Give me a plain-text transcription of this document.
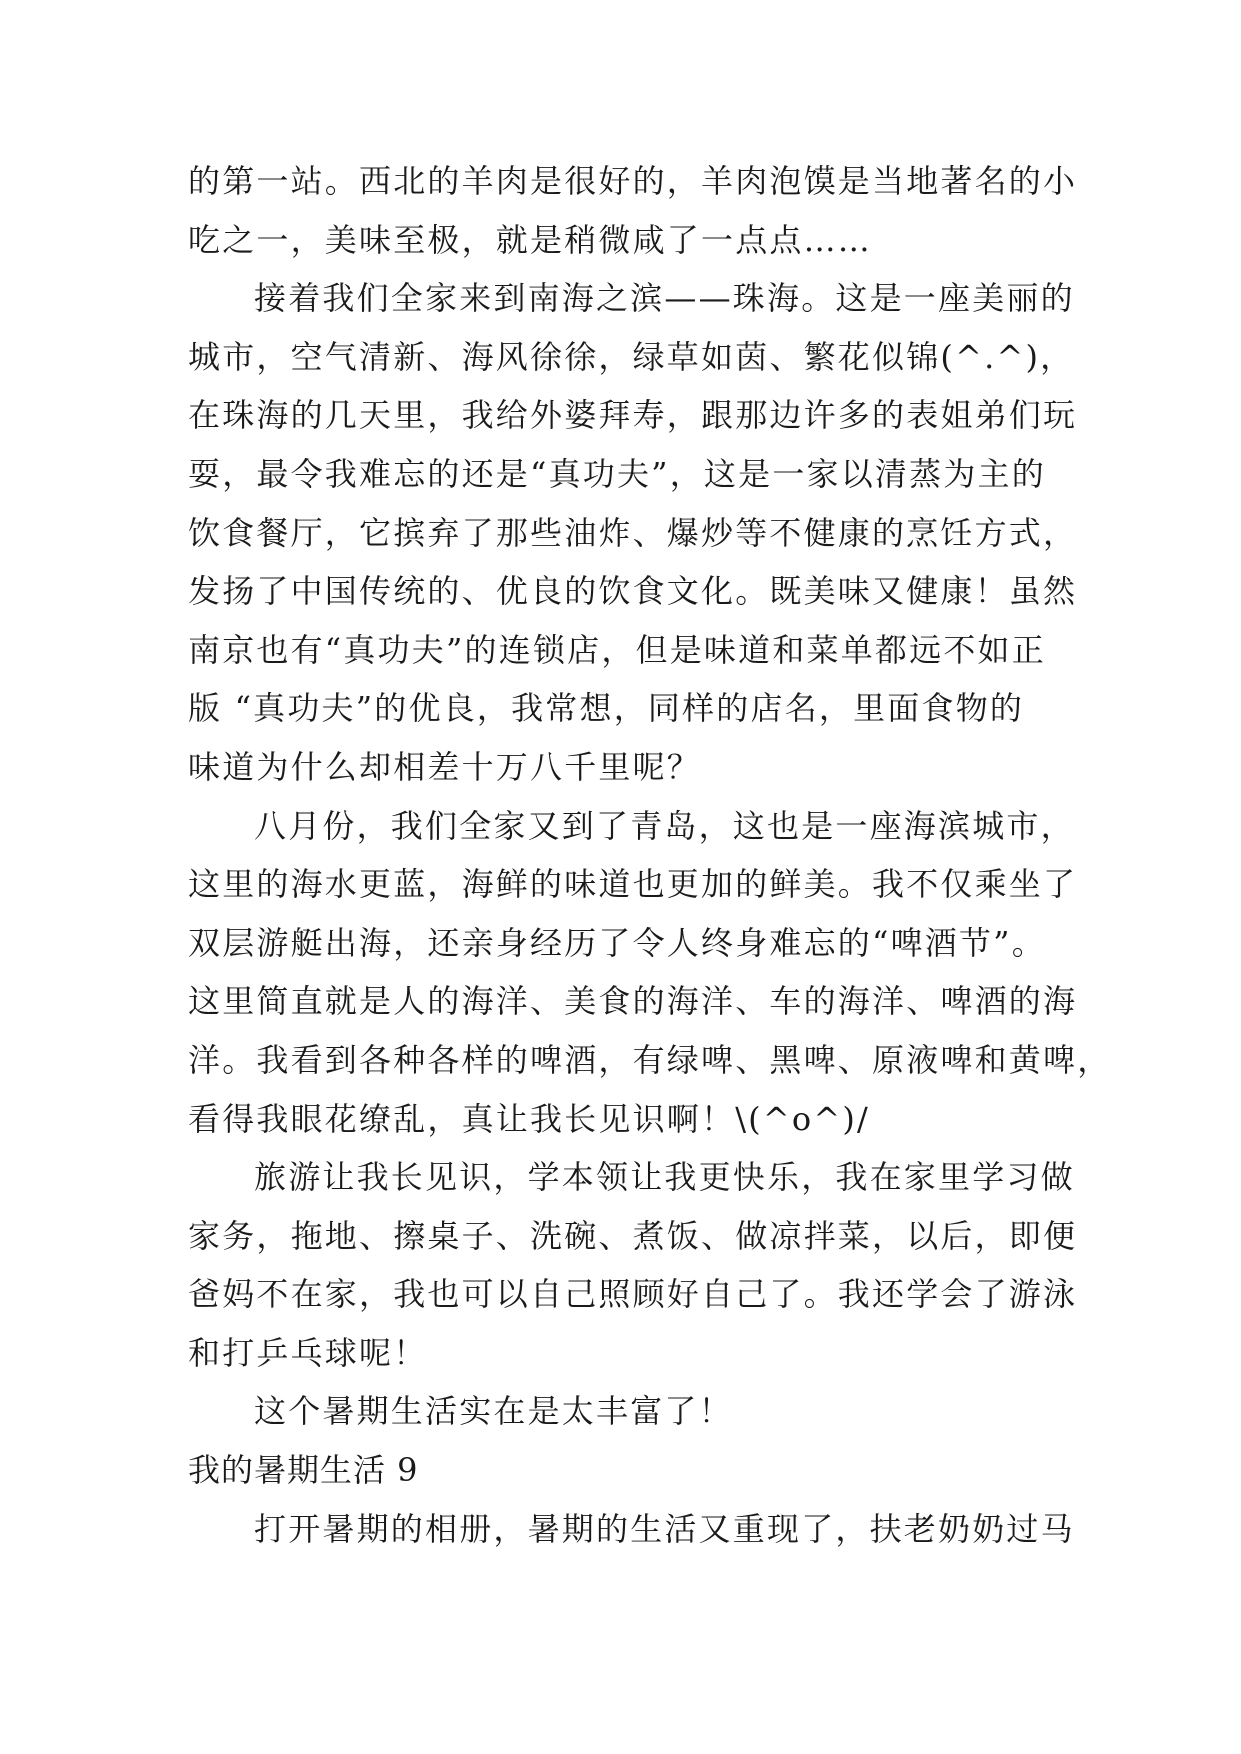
的第一站。西北的羊肉是很好的，羊肉泡馍是当地著名的小
吃之一，美味至极，就是稍微咸了一点点……
接着我们全家来到南海之滨——珠海。这是一座美丽的
城市，空气清新、海风徐徐，绿草如茵、繁花似锦(^.^)，
在珠海的几天里，我给外婆拜寿，跟那边许多的表姐弟们玩
耍，最令我难忘的还是“真功夫”，这是一家以清蒸为主的
饮食餐厅，它摈弃了那些油炸、爆炒等不健康的烹饪方式，
发扬了中国传统的、优良的饮食文化。既美味又健康！虽然
南京也有“真功夫”的连锁店，但是味道和菜单都远不如正
版 “真功夫”的优良，我常想，同样的店名，里面食物的
味道为什么却相差十万八千里呢？
八月份，我们全家又到了青岛，这也是一座海滨城市，
这里的海水更蓝，海鲜的味道也更加的鲜美。我不仅乘坐了
双层游艇出海，还亲身经历了令人终身难忘的“啤酒节”。
这里简直就是人的海洋、美食的海洋、车的海洋、啤酒的海
洋。我看到各种各样的啤酒，有绿啤、黑啤、原液啤和黄啤，
看得我眼花缭乱，真让我长见识啊！\(^o^)/
旅游让我长见识，学本领让我更快乐，我在家里学习做
家务，拖地、擦桌子、洗碗、煮饭、做凉拌菜，以后，即便
爸妈不在家，我也可以自己照顾好自己了。我还学会了游泳
和打乒乓球呢！
这个暑期生活实在是太丰富了！
我的暑期生活 9
打开暑期的相册，暑期的生活又重现了，扶老奶奶过马
